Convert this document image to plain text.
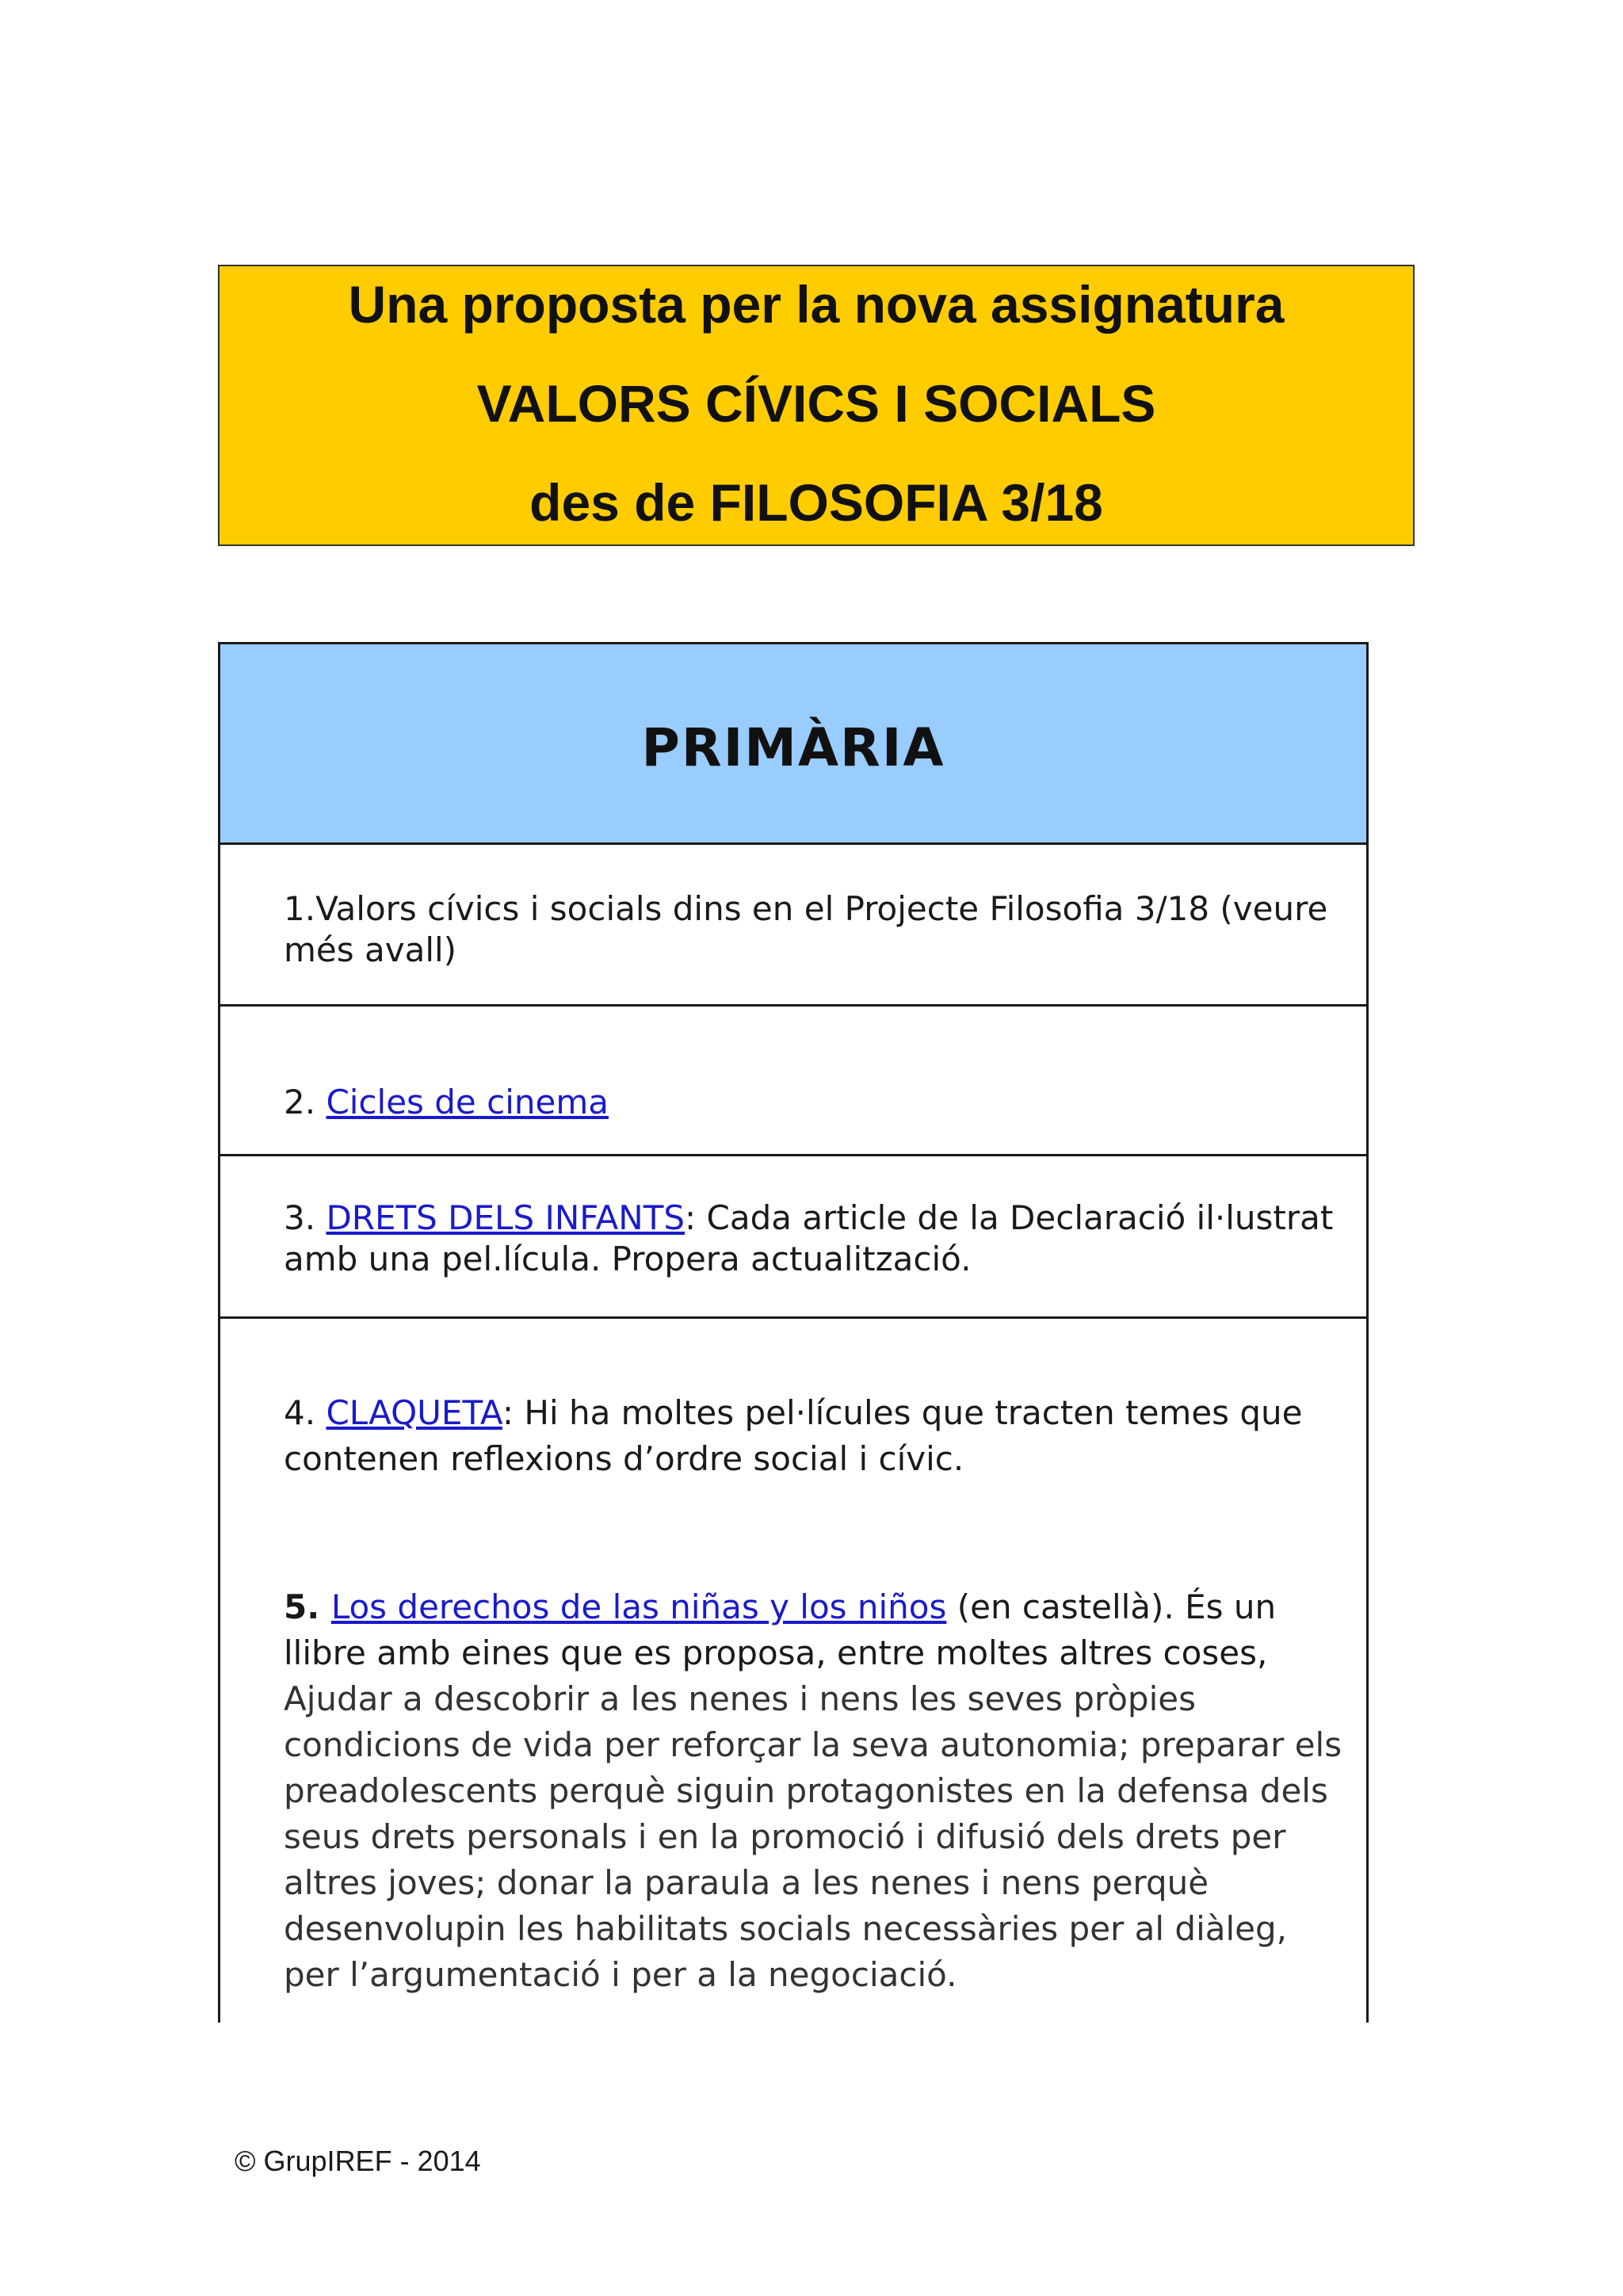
Una proposta per la nova assignatura
VALORS CÍVICS I SOCIALS
des de FILOSOFIA 3/18
PRIMÀRIA
1.Valors cívics i socials dins en el Projecte Filosofia 3/18 (veure més avall)
2. Cicles de cinema
3. DRETS DELS INFANTS: Cada article de la Declaració il·lustrat amb una pel.lícula. Propera actualització.
4. CLAQUETA: Hi ha moltes pel·lícules que tracten temes que contenen reflexions d’ordre social i cívic.
5. Los derechos de las niñas y los niños (en castellà). És un llibre amb eines que es proposa, entre moltes altres coses,
Ajudar a descobrir a les nenes i nens les seves pròpies condicions de vida per reforçar la seva autonomia; preparar els preadolescents perquè siguin protagonistes en la defensa dels seus drets personals i en la promoció i difusió dels drets per altres joves; donar la paraula a les nenes i nens perquè desenvolupin les habilitats socials necessàries per al diàleg, per l’argumentació i per a la negociació.
© GrupIREF - 2014
